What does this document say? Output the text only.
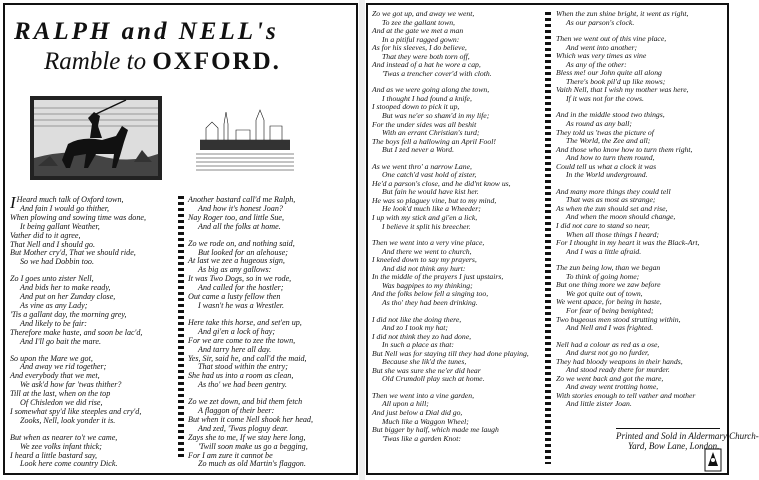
RALPH and NELL's
Ramble to OXFORD.
I Heard much talk of Oxford town,
And fain I would go thither,
When plowing and sowing time was done,
It being gallant Weather,
Vather did to it agree,
That Nell and I should go.
But Mother cry'd, That we should ride,
So we had Dobbin too.
Zo I goes unto zister Nell,
And bids her to make ready,
And put on her Zunday close,
As vine as any Lady;
'Tis a gallant day, the morning grey,
And likely to be fair:
Therefore make haste, and soon be lac'd,
And I'll go bait the mare.
So upon the Mare we got,
And away we rid together;
And everybody that we met,
We ask'd how far 'twas thither?
Till at the last, when on the top
Of Chisledon we did rise,
I somewhat spy'd like steeples and cry'd,
Zooks, Nell, look yonder it is.
But when as nearer to't we came,
We zee volks infant thick;
I heard a little bastard say,
Look here come country Dick.
Another bastard call'd me Ralph,
And how it's honest Joan?
Nay Roger too, and little Sue,
And all the folks at home.
Zo we rode on, and nothing said,
But looked for an alehouse;
At last we zee a hugeous sign,
As big as any gallows:
It was Two Dogs, so in we rode,
And called for the hostler;
Out came a lusty fellow then
I wasn't he was a Wrestler.
Here take this horse, and set'en up,
And gi'en a lock of hay;
For we are come to zee the town,
And tarry here all day.
Yes, Sir, said he, and call'd the maid,
That stood within the entry;
She had us into a room as clean,
As tho' we had been gentry.
Zo we zet down, and bid them fetch
A flaggon of their beer:
But when it come Nell shook her head,
And zed, 'Twas ploguy dear.
Zays she to me, If we stay here long,
'Twill soon make us go a begging,
For I am zure it cannot be
Zo much as old Martin's flaggon.
Zo we got up, and away we went,
To zee the gallant town,
And at the gate we met a man
In a pitiful ragged gown:
As for his sleeves, I do believe,
That they were both torn off,
And instead of a hat he wore a cap,
'Twas a trencher cover'd with cloth.
And as we were going along the town,
I thought I had found a knife,
I stooped down to pick it up,
But was ne'er so sham'd in my life;
For the under sides was all beshit
With an errant Christian's turd;
The boys fell a hallowing an April Fool!
But I zed never a Word.
As we went thro' a narrow Lane,
One catch'd vast hold of zister,
He'd a parson's close, and he did'nt know us,
But fain he would have kist her.
He was so plaguey vine, but to my mind,
He look'd much like a Wheeder;
I up with my stick and gi'en a lick,
I believe it split his breecher.
Then we went into a very vine place,
And there we went to church,
I kneeled down to say my prayers,
And did not think any hurt:
In the middle of the prayers I just upstairs,
Was bagpipes to my thinking;
And the folks below fell a singing too,
As tho' they had been drinking.
I did not like the doing there,
And zo I took my hat;
I did not think they zo had done,
In such a place as that:
But Nell was for staying till they had done playing,
Because she lik'd the tunes,
But she was sure she ne'er did hear
Old Crumdoll play such at home.
Then we went into a vine garden,
All upon a hill;
And just below a Dial did go,
Much like a Waggon Wheel;
But bigger by half, which made me laugh
'Twas like a garden Knot:
When the zun shine bright, it went as right,
As our parson's clock.
Then we went out of this vine place,
And went into another;
Which was very times as vine
As any of the other:
Bless me! our John quite all along
There's book pil'd up like mows;
Vaith Nell, that I wish my mother was here,
If it was not for the cows.
And in the middle stood two things,
As round as any ball;
They told us 'twas the picture of
The World, the Zee and all;
And those who know how to turn them right,
And how to turn them round,
Could tell us what a clock it was
In the World underground.
And many more things they could tell
That was as most as strange;
As when the zun should set and rise,
And when the moon should change,
I did not care to stand so near,
When all those things I heard;
For I thought in my heart it was the Black-Art,
And I was a little afraid.
The zun being low, than we began
To think of going home;
But one thing more we zaw before
We got quite out of town,
We went apace, for being in haste,
For fear of being benighted;
Two bugeous men stood strutting within,
And Nell and I was frighted.
Nell had a colour as red as a ose,
And durst not go no furder,
They had bloody weapons in their hands,
And stood ready there for murder.
Zo we went back and got the mare,
And away went trotting home,
With stories enough to tell vather and mother
And little zister Joan.
Printed and Sold in Aldermary Church-
Yard, Bow Lane, London.
